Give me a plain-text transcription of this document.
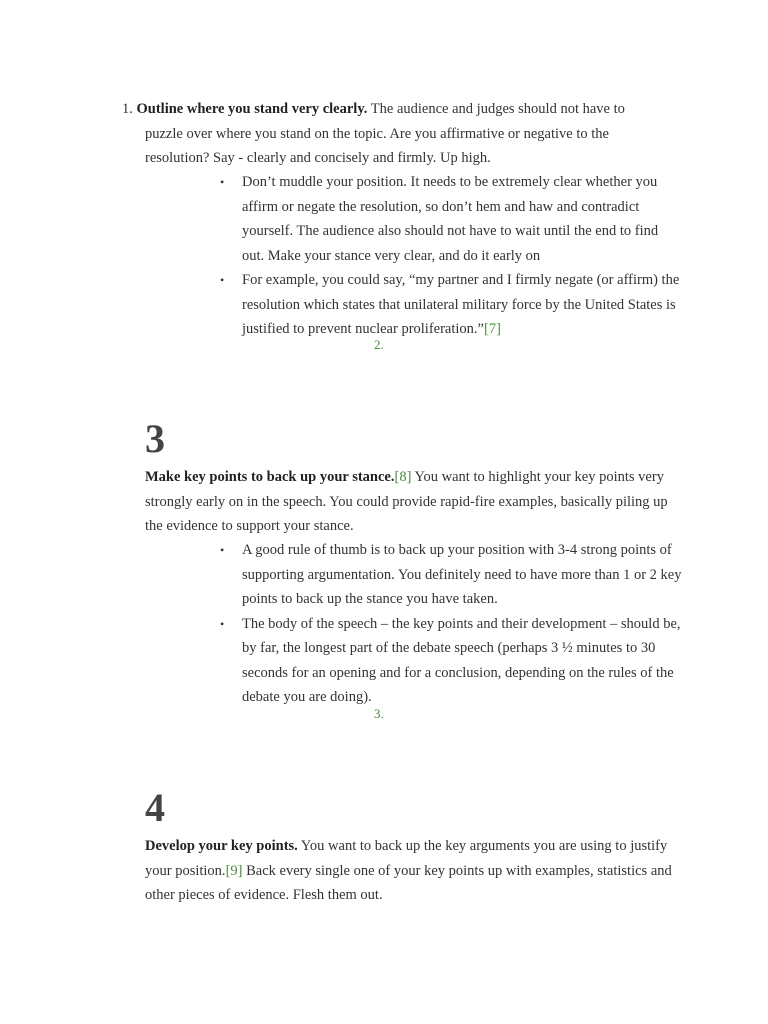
1. Outline where you stand very clearly. The audience and judges should not have to
puzzle over where you stand on the topic. Are you affirmative or negative to the
resolution? Say - clearly and concisely and firmly. Up high.
• Don’t muddle your position. It needs to be extremely clear whether you affirm or negate the resolution, so don’t hem and haw and contradict yourself. The audience also should not have to wait until the end to find out. Make your stance very clear, and do it early on
• For example, you could say, “my partner and I firmly negate (or affirm) the resolution which states that unilateral military force by the United States is justified to prevent nuclear proliferation.”[7]
2.
3
Make key points to back up your stance.[8] You want to highlight your key points very strongly early on in the speech. You could provide rapid-fire examples, basically piling up the evidence to support your stance.
• A good rule of thumb is to back up your position with 3-4 strong points of supporting argumentation. You definitely need to have more than 1 or 2 key points to back up the stance you have taken.
• The body of the speech – the key points and their development – should be, by far, the longest part of the debate speech (perhaps 3 ½ minutes to 30 seconds for an opening and for a conclusion, depending on the rules of the debate you are doing).
3.
4
Develop your key points. You want to back up the key arguments you are using to justify your position.[9] Back every single one of your key points up with examples, statistics and other pieces of evidence. Flesh them out.
